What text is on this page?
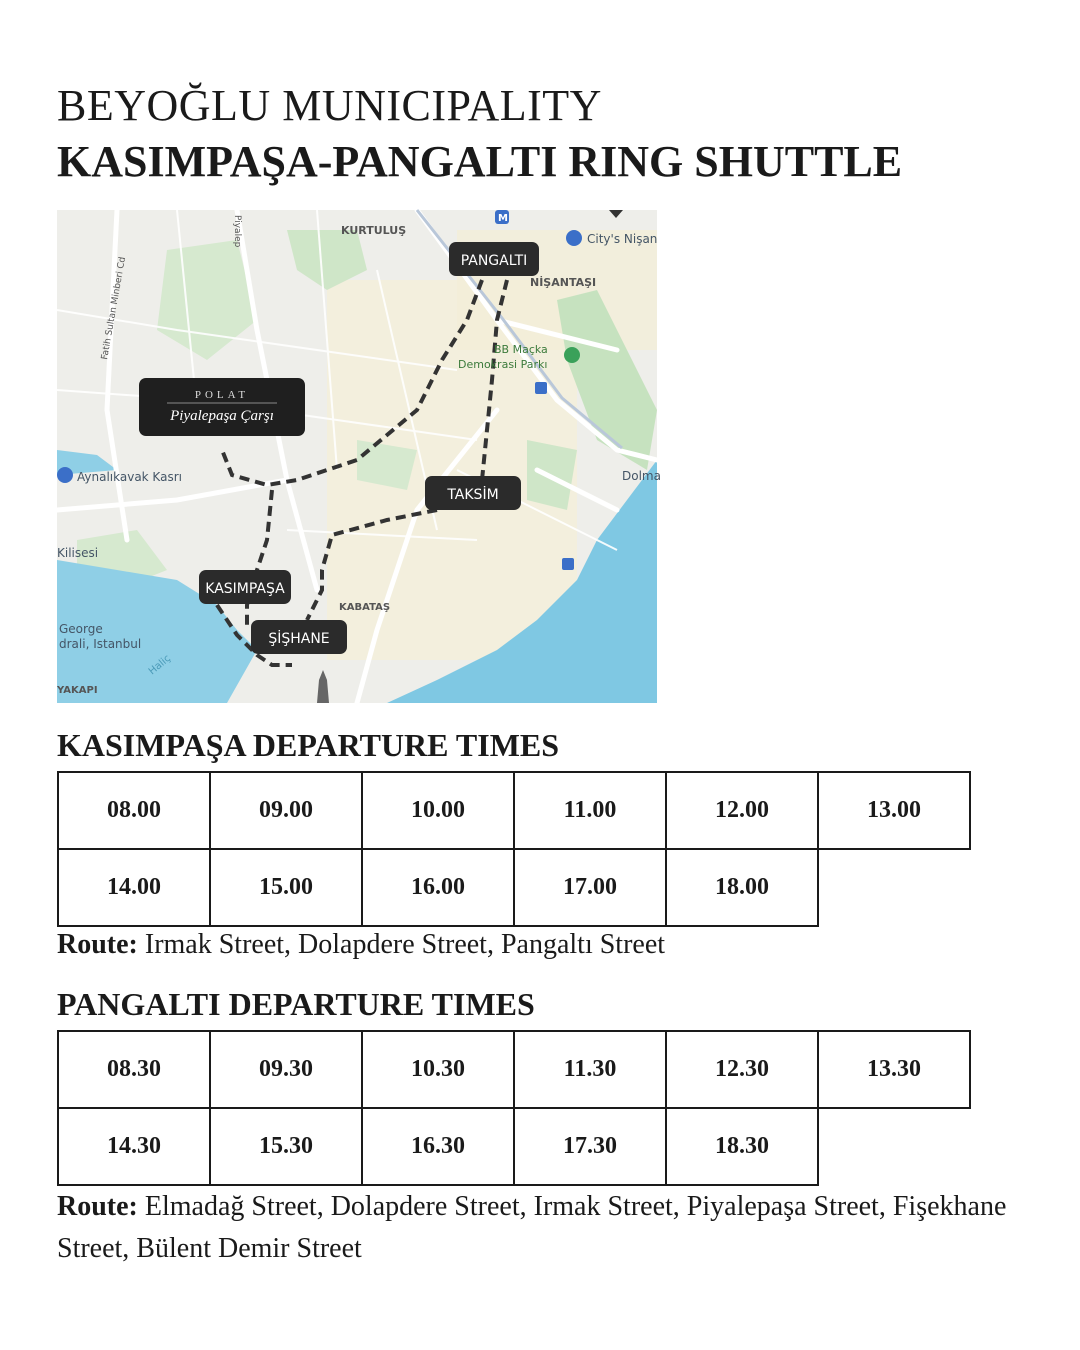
BEYOĞLU MUNICIPALITY
KASIMPAŞA-PANGALTI RING SHUTTLE
KURTULUŞ
City's Nişan
NİŞANTAŞI
BB Maçka
Demokrasi Parkı
Aynalıkavak Kasrı
KABATAŞ
Dolma
Kilisesi
George
drali, Istanbul
Haliç
YAKAPI
Piyalep
Fatih Sultan Minberi Cd
M
PANGALTI
TAKSİM
KASIMPAŞA
ŞİŞHANE
POLAT
Piyalepaşa Çarşı
KASIMPAŞA DEPARTURE TIMES
08.00	09.00	10.00	11.00	12.00	13.00
14.00	15.00	16.00	17.00	18.00	
Route: Irmak Street, Dolapdere Street, Pangaltı Street
PANGALTI DEPARTURE TIMES
08.30	09.30	10.30	11.30	12.30	13.30
14.30	15.30	16.30	17.30	18.30	
Route: Elmadağ Street, Dolapdere Street, Irmak Street, Piyalepaşa Street, Fişekhane Street, Bülent Demir Street
